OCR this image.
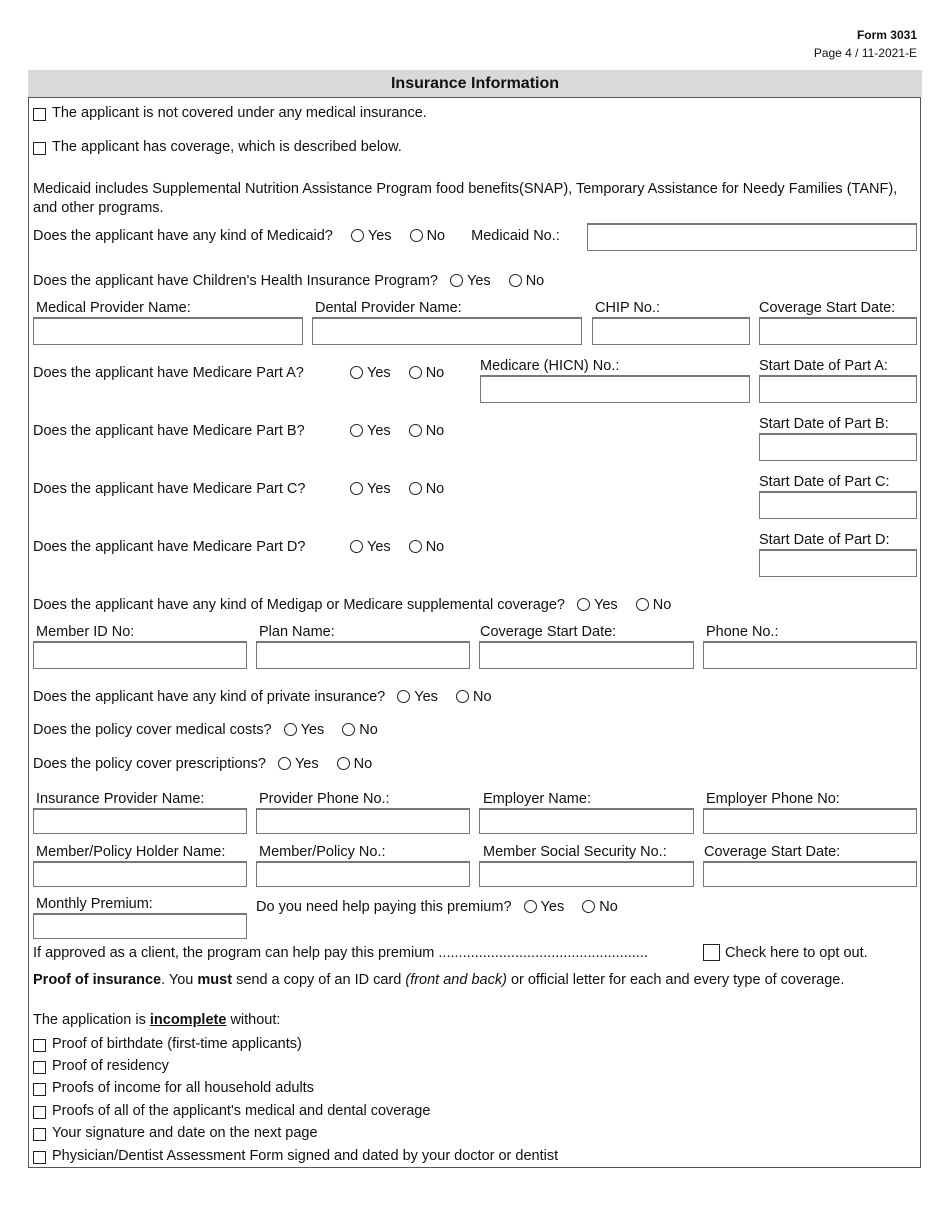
Form 3031
Page 4 / 11-2021-E
Insurance Information
The applicant is not covered under any medical insurance.
The applicant has coverage, which is described below.
Medicaid includes Supplemental Nutrition Assistance Program food benefits(SNAP), Temporary Assistance for Needy Families (TANF), and other programs.
Does the applicant have any kind of Medicaid? Yes No Medicaid No.:
Does the applicant have Children's Health Insurance Program? Yes No
Medical Provider Name:	Dental Provider Name:	CHIP No.:	Coverage Start Date:
Does the applicant have Medicare Part A?	Yes No Medicare (HICN) No.:	Start Date of Part A:
Does the applicant have Medicare Part B?	Yes No	Start Date of Part B:
Does the applicant have Medicare Part C?	Yes No	Start Date of Part C:
Does the applicant have Medicare Part D?	Yes No	Start Date of Part D:
Does the applicant have any kind of Medigap or Medicare supplemental coverage? Yes No
Member ID No:	Plan Name:	Coverage Start Date:	Phone No.:
Does the applicant have any kind of private insurance? Yes No
Does the policy cover medical costs? Yes No
Does the policy cover prescriptions? Yes No
Insurance Provider Name:	Provider Phone No.:	Employer Name:	Employer Phone No:
Member/Policy Holder Name: Member/Policy No.:	Member Social Security No.:	Coverage Start Date:
Monthly Premium:	Do you need help paying this premium? Yes No
If approved as a client, the program can help pay this premium ....................................................	Check here to opt out.
Proof of insurance. You must send a copy of an ID card (front and back) or official letter for each and every type of coverage.
The application is incomplete without:
Proof of birthdate (first-time applicants)
Proof of residency
Proofs of income for all household adults
Proofs of all of the applicant's medical and dental coverage
Your signature and date on the next page
Physician/Dentist Assessment Form signed and dated by your doctor or dentist
